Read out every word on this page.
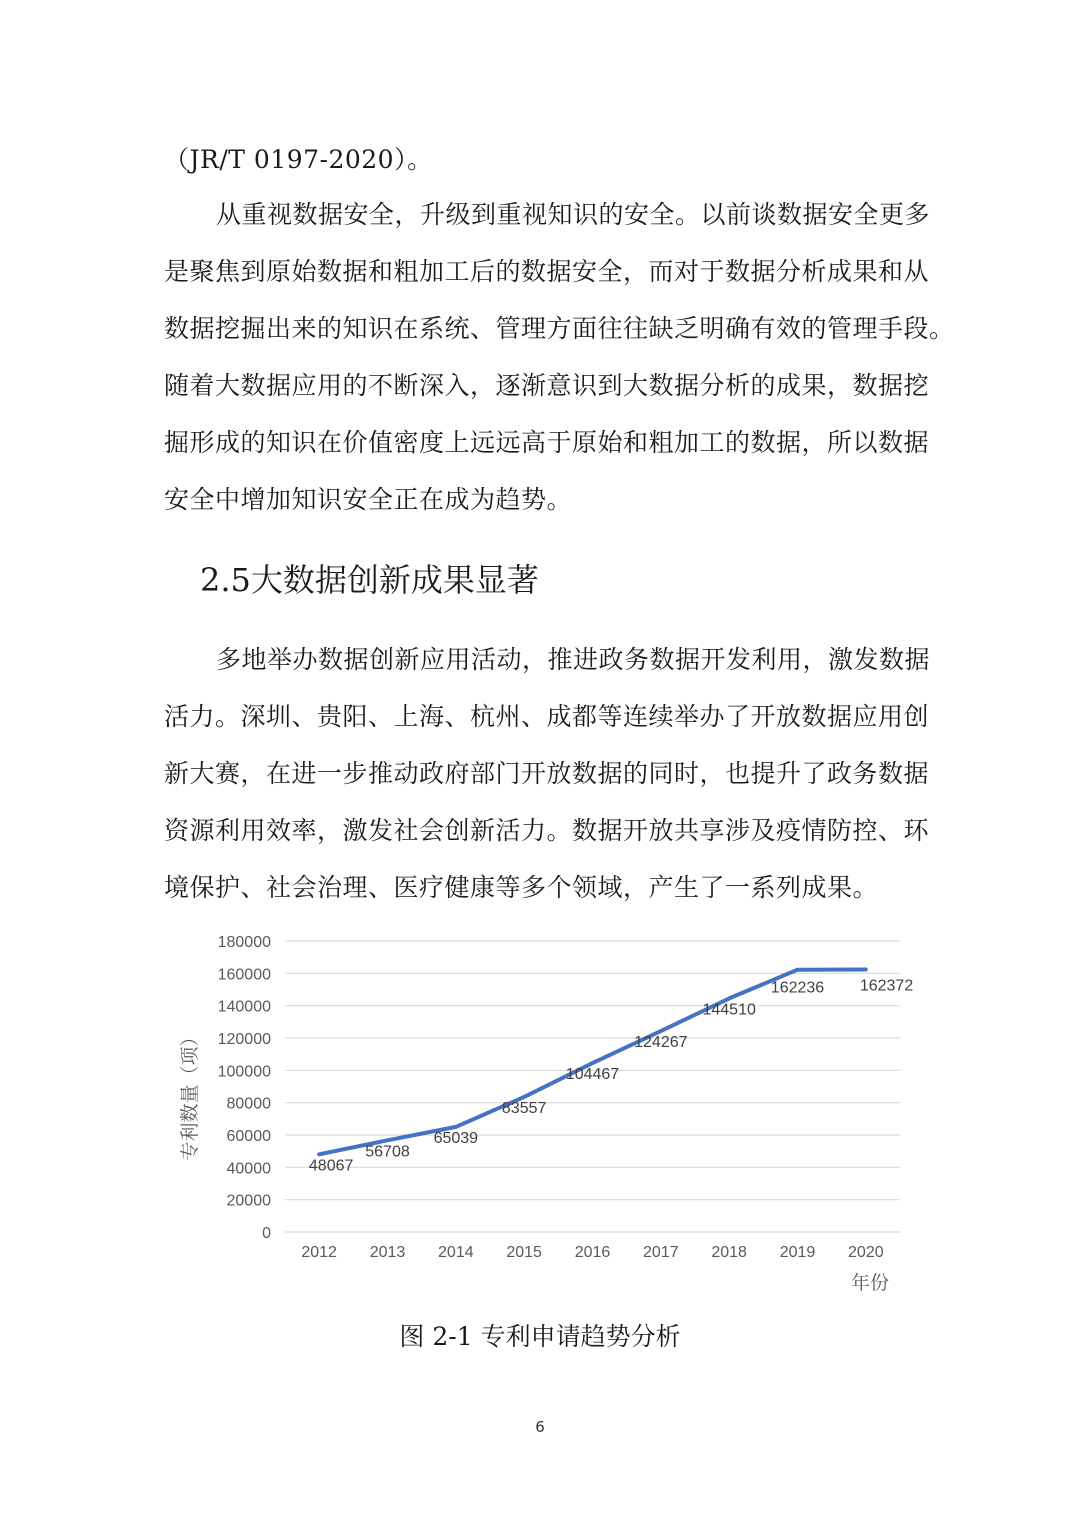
（JR/T 0197-2020）。
从重视数据安全，升级到重视知识的安全。以前谈数据安全更多
是聚焦到原始数据和粗加工后的数据安全，而对于数据分析成果和从
数据挖掘出来的知识在系统、管理方面往往缺乏明确有效的管理手段。
随着大数据应用的不断深入，逐渐意识到大数据分析的成果，数据挖
掘形成的知识在价值密度上远远高于原始和粗加工的数据，所以数据
安全中增加知识安全正在成为趋势。
2.5大数据创新成果显著
多地举办数据创新应用活动，推进政务数据开发利用，激发数据
活力。深圳、贵阳、上海、杭州、成都等连续举办了开放数据应用创
新大赛，在进一步推动政府部门开放数据的同时，也提升了政务数据
资源利用效率，激发社会创新活力。数据开放共享涉及疫情防控、环
境保护、社会治理、医疗健康等多个领域，产生了一系列成果。
0
20000
40000
60000
80000
100000
120000
140000
160000
180000
2012 2013 2014 2015 2016 2017 2018 2019 2020
48067
56708
65039
83557
104467
124267
144510
162236 162372
专利数量（项）
年份
图 2-1 专利申请趋势分析
6
